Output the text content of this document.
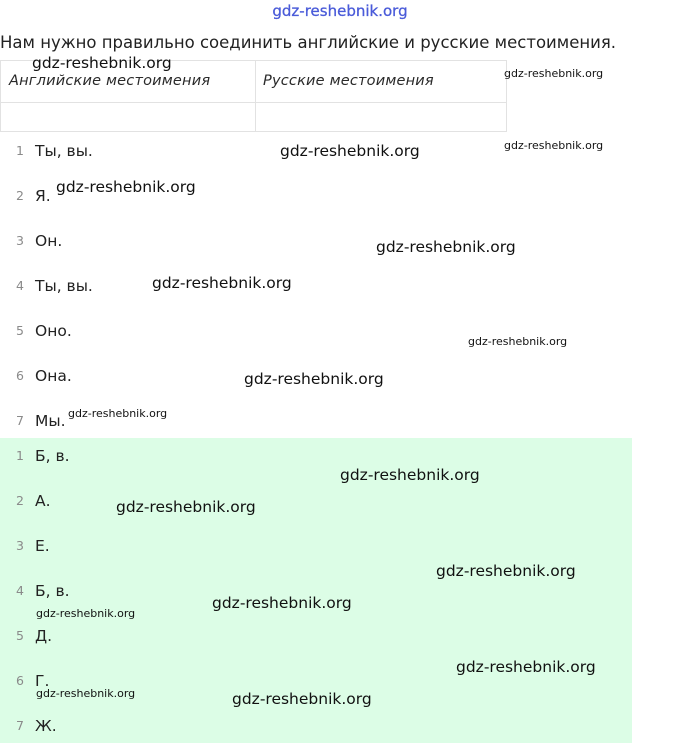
gdz-reshebnik.org
Нам нужно правильно соединить английские и русские местоимения.
Английские местоимения	Русские местоимения
1 Ты, вы.
2 Я.
3 Он.
4 Ты, вы.
5 Оно.
6 Она.
7 Мы.
1 Б, в.
2 А.
3 Е.
4 Б, в.
5 Д.
6 Г.
7 Ж.
gdz-reshebnik.org
gdz-reshebnik.org
gdz-reshebnik.org	gdz-reshebnik.org
gdz-reshebnik.org
gdz-reshebnik.org
gdz-reshebnik.org
gdz-reshebnik.org
gdz-reshebnik.org
gdz-reshebnik.org
gdz-reshebnik.org
gdz-reshebnik.org
gdz-reshebnik.org
gdz-reshebnik.org
gdz-reshebnik.org
gdz-reshebnik.org
gdz-reshebnik.org	gdz-reshebnik.org
